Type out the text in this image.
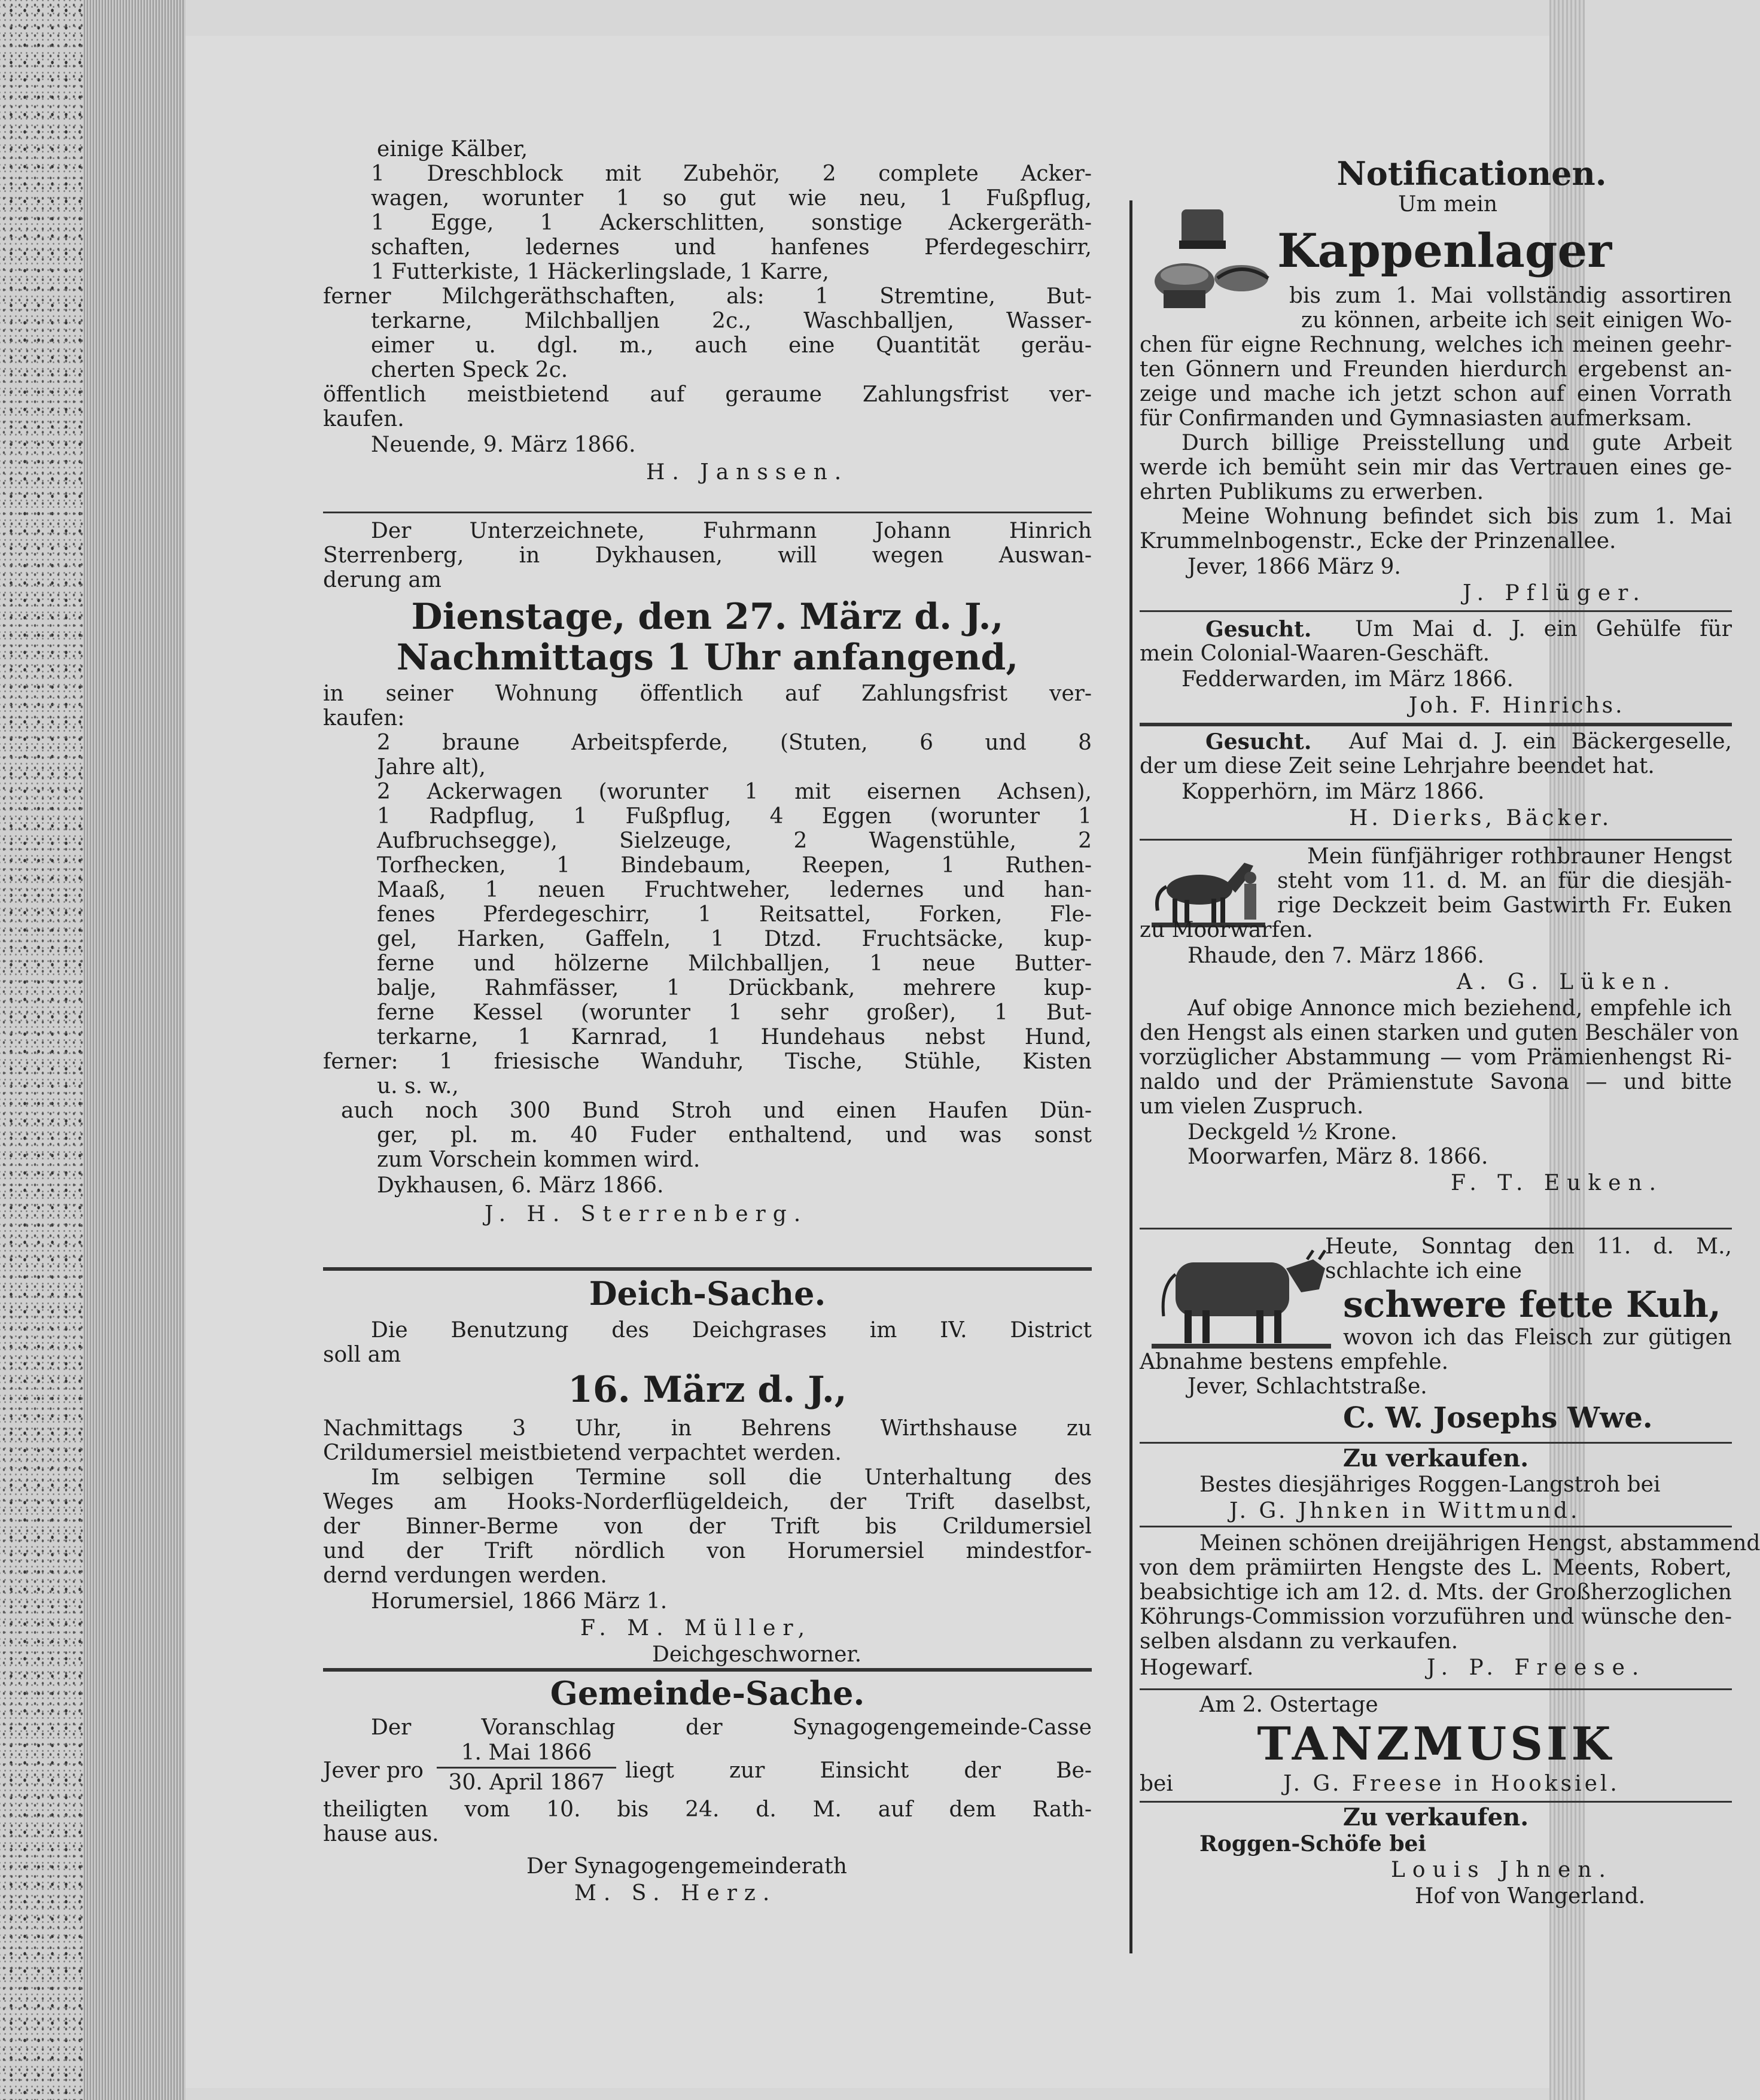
einige Kälber,
1 Dreschblock mit Zubehör, 2 complete Acker-
wagen, worunter 1 so gut wie neu, 1 Fußpflug,
1 Egge, 1 Ackerschlitten, sonstige Ackergeräth-
schaften, ledernes und hanfenes Pferdegeschirr,
1 Futterkiste, 1 Häckerlingslade, 1 Karre,
ferner Milchgeräthschaften, als: 1 Stremtine, But-
terkarne, Milchballjen 2c., Waschballjen, Wasser-
eimer u. dgl. m., auch eine Quantität geräu-
cherten Speck 2c.
öffentlich meistbietend auf geraume Zahlungsfrist ver-
kaufen.
Neuende, 9. März 1866.
H. Janssen.
Der Unterzeichnete, Fuhrmann Johann Hinrich
Sterrenberg, in Dykhausen, will wegen Auswan-
derung am
Dienstage, den 27. März d. J.,
Nachmittags 1 Uhr anfangend,
in seiner Wohnung öffentlich auf Zahlungsfrist ver-
kaufen:
2 braune Arbeitspferde, (Stuten, 6 und 8
Jahre alt),
2 Ackerwagen (worunter 1 mit eisernen Achsen),
1 Radpflug, 1 Fußpflug, 4 Eggen (worunter 1
Aufbruchsegge), Sielzeuge, 2 Wagenstühle, 2
Torfhecken, 1 Bindebaum, Reepen, 1 Ruthen-
Maaß, 1 neuen Fruchtweher, ledernes und han-
fenes Pferdegeschirr, 1 Reitsattel, Forken, Fle-
gel, Harken, Gaffeln, 1 Dtzd. Fruchtsäcke, kup-
ferne und hölzerne Milchballjen, 1 neue Butter-
balje, Rahmfässer, 1 Drückbank, mehrere kup-
ferne Kessel (worunter 1 sehr großer), 1 But-
terkarne, 1 Karnrad, 1 Hundehaus nebst Hund,
ferner: 1 friesische Wanduhr, Tische, Stühle, Kisten
u. s. w.,
auch noch 300 Bund Stroh und einen Haufen Dün-
ger, pl. m. 40 Fuder enthaltend, und was sonst
zum Vorschein kommen wird.
Dykhausen, 6. März 1866.
J. H. Sterrenberg.
Deich-Sache.
Die Benutzung des Deichgrases im IV. District
soll am
16. März d. J.,
Nachmittags 3 Uhr, in Behrens Wirthshause zu
Crildumersiel meistbietend verpachtet werden.
Im selbigen Termine soll die Unterhaltung des
Weges am Hooks-Norderflügeldeich, der Trift daselbst,
der Binner-Berme von der Trift bis Crildumersiel
und der Trift nördlich von Horumersiel mindestfor-
dernd verdungen werden.
Horumersiel, 1866 März 1.
F. M. Müller,
Deichgeschworner.
Gemeinde-Sache.
Der Voranschlag der Synagogengemeinde-Casse
Jever pro
1. Mai 1866
30. April 1867 liegt zur Einsicht der Be-
theiligten vom 10. bis 24. d. M. auf dem Rath-
hause aus.
Der Synagogengemeinderath
M. S. Herz.
Notificationen.
Um mein
Kappenlager
bis zum 1. Mai vollständig assortiren
zu können, arbeite ich seit einigen Wo-
chen für eigne Rechnung, welches ich meinen geehr-
ten Gönnern und Freunden hierdurch ergebenst an-
zeige und mache ich jetzt schon auf einen Vorrath
für Confirmanden und Gymnasiasten aufmerksam.
Durch billige Preisstellung und gute Arbeit
werde ich bemüht sein mir das Vertrauen eines ge-
ehrten Publikums zu erwerben.
Meine Wohnung befindet sich bis zum 1. Mai
Krummelnbogenstr., Ecke der Prinzenallee.
Jever, 1866 März 9.
J. Pflüger.
Gesucht.	Um Mai d. J. ein Gehülfe für
mein Colonial-Waaren-Geschäft.
Fedderwarden, im März 1866.
Joh. F. Hinrichs.
Gesucht.	Auf Mai d. J. ein Bäckergeselle,
der um diese Zeit seine Lehrjahre beendet hat.
Kopperhörn, im März 1866.
H. Dierks, Bäcker.
Mein fünfjähriger rothbrauner Hengst
steht vom 11. d. M. an für die diesjäh-
rige Deckzeit beim Gastwirth Fr. Euken
zu Moorwarfen.
Rhaude, den 7. März 1866.
A. G. Lüken.
Auf obige Annonce mich beziehend, empfehle ich
den Hengst als einen starken und guten Beschäler von
vorzüglicher Abstammung — vom Prämienhengst Ri-
naldo und der Prämienstute Savona — und bitte
um vielen Zuspruch.
Deckgeld ½ Krone.
Moorwarfen, März 8. 1866.
F. T. Euken.
Heute, Sonntag den 11. d. M.,
schlachte ich eine
schwere fette Kuh,
wovon ich das Fleisch zur gütigen
Abnahme bestens empfehle.
Jever, Schlachtstraße.
C. W. Josephs Wwe.
Zu verkaufen.
Bestes diesjähriges Roggen-Langstroh bei
J. G. Jhnken in Wittmund.
Meinen schönen dreijährigen Hengst, abstammend
von dem prämiirten Hengste des L. Meents, Robert,
beabsichtige ich am 12. d. Mts. der Großherzoglichen
Köhrungs-Commission vorzuführen und wünsche den-
selben alsdann zu verkaufen.
Hogewarf.	J. P. Freese.
Am 2. Ostertage
TANZMUSIK
bei	J. G. Freese in Hooksiel.
Zu verkaufen.
Roggen-Schöfe bei
Louis Jhnen.
Hof von Wangerland.
